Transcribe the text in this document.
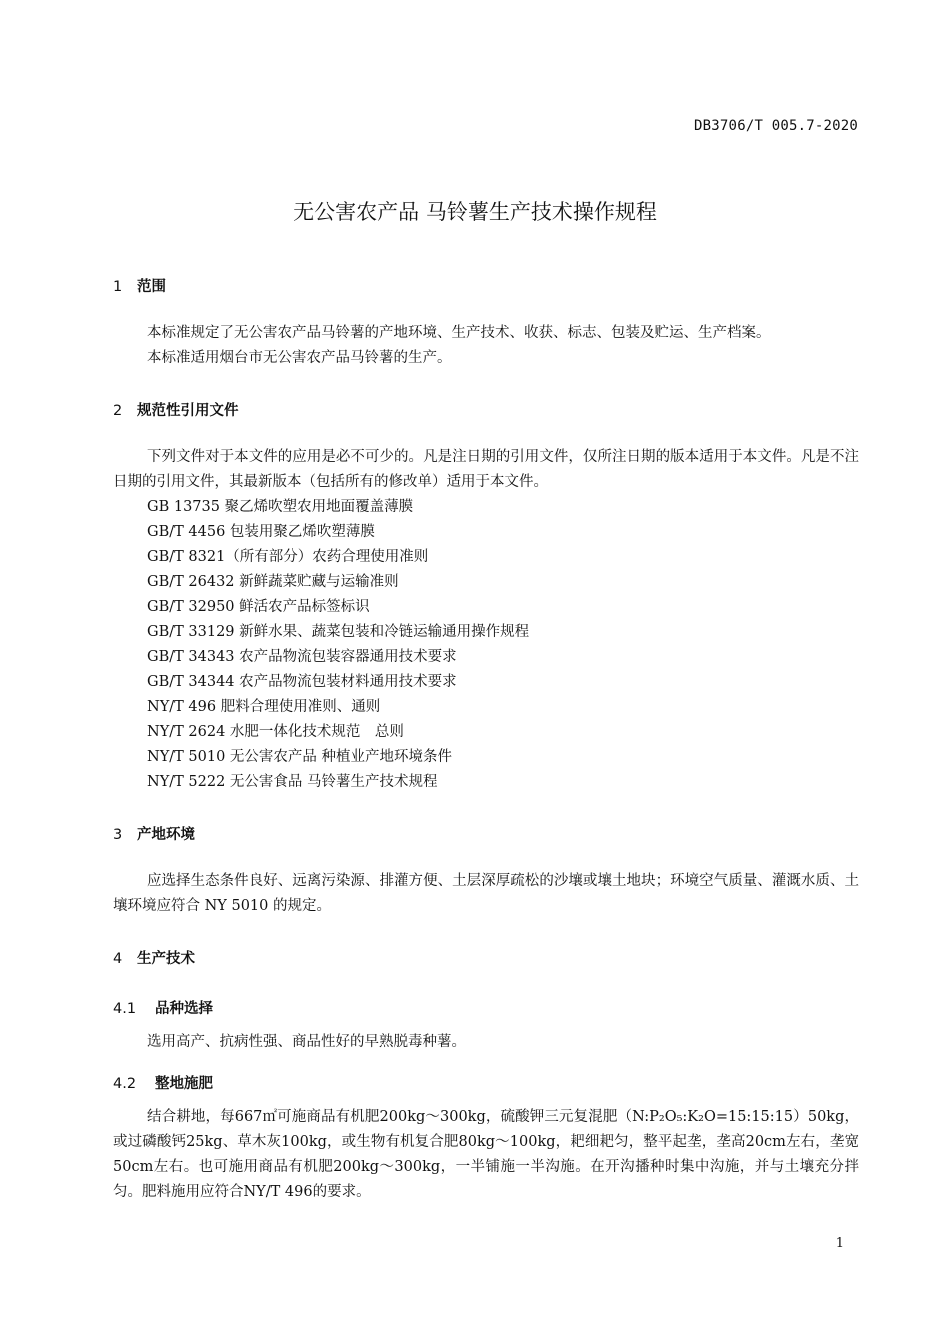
DB3706/T 005.7-2020
无公害农产品 马铃薯生产技术操作规程
1 范围
本标准规定了无公害农产品马铃薯的产地环境、生产技术、收获、标志、包装及贮运、生产档案。
本标准适用烟台市无公害农产品马铃薯的生产。
2 规范性引用文件
下列文件对于本文件的应用是必不可少的。凡是注日期的引用文件，仅所注日期的版本适用于本文件。凡是不注日期的引用文件，其最新版本（包括所有的修改单）适用于本文件。
GB 13735 聚乙烯吹塑农用地面覆盖薄膜
GB/T 4456 包装用聚乙烯吹塑薄膜
GB/T 8321（所有部分）农药合理使用准则
GB/T 26432 新鲜蔬菜贮藏与运输准则
GB/T 32950 鲜活农产品标签标识
GB/T 33129 新鲜水果、蔬菜包装和冷链运输通用操作规程
GB/T 34343 农产品物流包装容器通用技术要求
GB/T 34344 农产品物流包装材料通用技术要求
NY/T 496 肥料合理使用准则、通则
NY/T 2624 水肥一体化技术规范　总则
NY/T 5010 无公害农产品 种植业产地环境条件
NY/T 5222 无公害食品 马铃薯生产技术规程
3 产地环境
应选择生态条件良好、远离污染源、排灌方便、土层深厚疏松的沙壤或壤土地块；环境空气质量、灌溉水质、土壤环境应符合 NY 5010 的规定。
4 生产技术
4.1 品种选择
选用高产、抗病性强、商品性好的早熟脱毒种薯。
4.2 整地施肥
结合耕地，每667㎡可施商品有机肥200kg～300kg，硫酸钾三元复混肥（N:P₂O₅:K₂O=15:15:15）50kg，或过磷酸钙25kg、草木灰100kg，或生物有机复合肥80kg～100kg，耙细耙匀，整平起垄，垄高20cm左右，垄宽50cm左右。也可施用商品有机肥200kg～300kg，一半铺施一半沟施。在开沟播种时集中沟施，并与土壤充分拌匀。肥料施用应符合NY/T 496的要求。
1
